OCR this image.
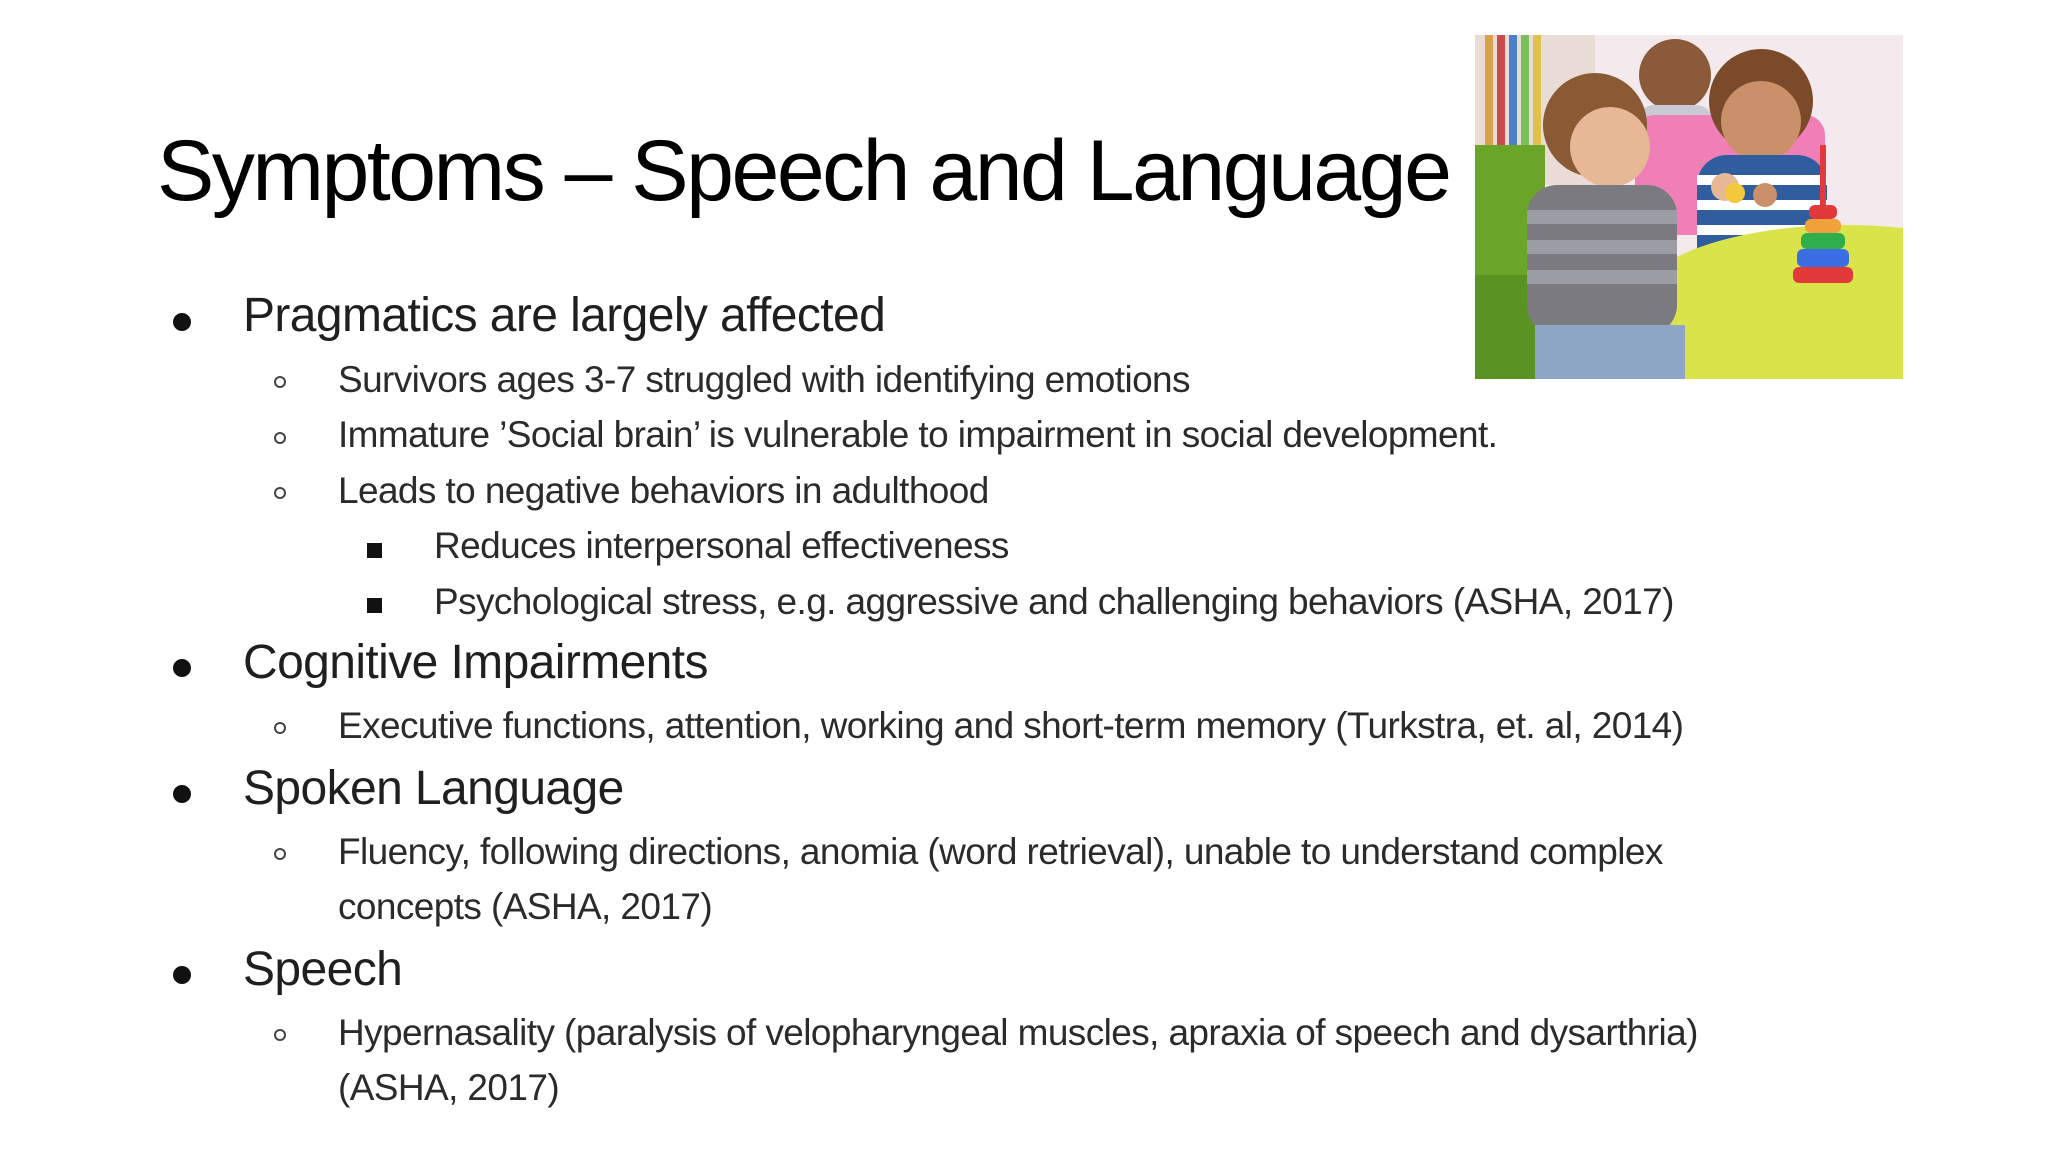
Symptoms – Speech and Language
Pragmatics are largely affected
Survivors ages 3-7 struggled with identifying emotions
Immature ’Social brain’ is vulnerable to impairment in social development.
Leads to negative behaviors in adulthood
Reduces interpersonal effectiveness
Psychological stress, e.g. aggressive and challenging behaviors (ASHA, 2017)
Cognitive Impairments
Executive functions, attention, working and short-term memory (Turkstra, et. al, 2014)
Spoken Language
Fluency, following directions, anomia (word retrieval), unable to understand complex
concepts (ASHA, 2017)
Speech
Hypernasality (paralysis of velopharyngeal muscles, apraxia of speech and dysarthria)
(ASHA, 2017)
